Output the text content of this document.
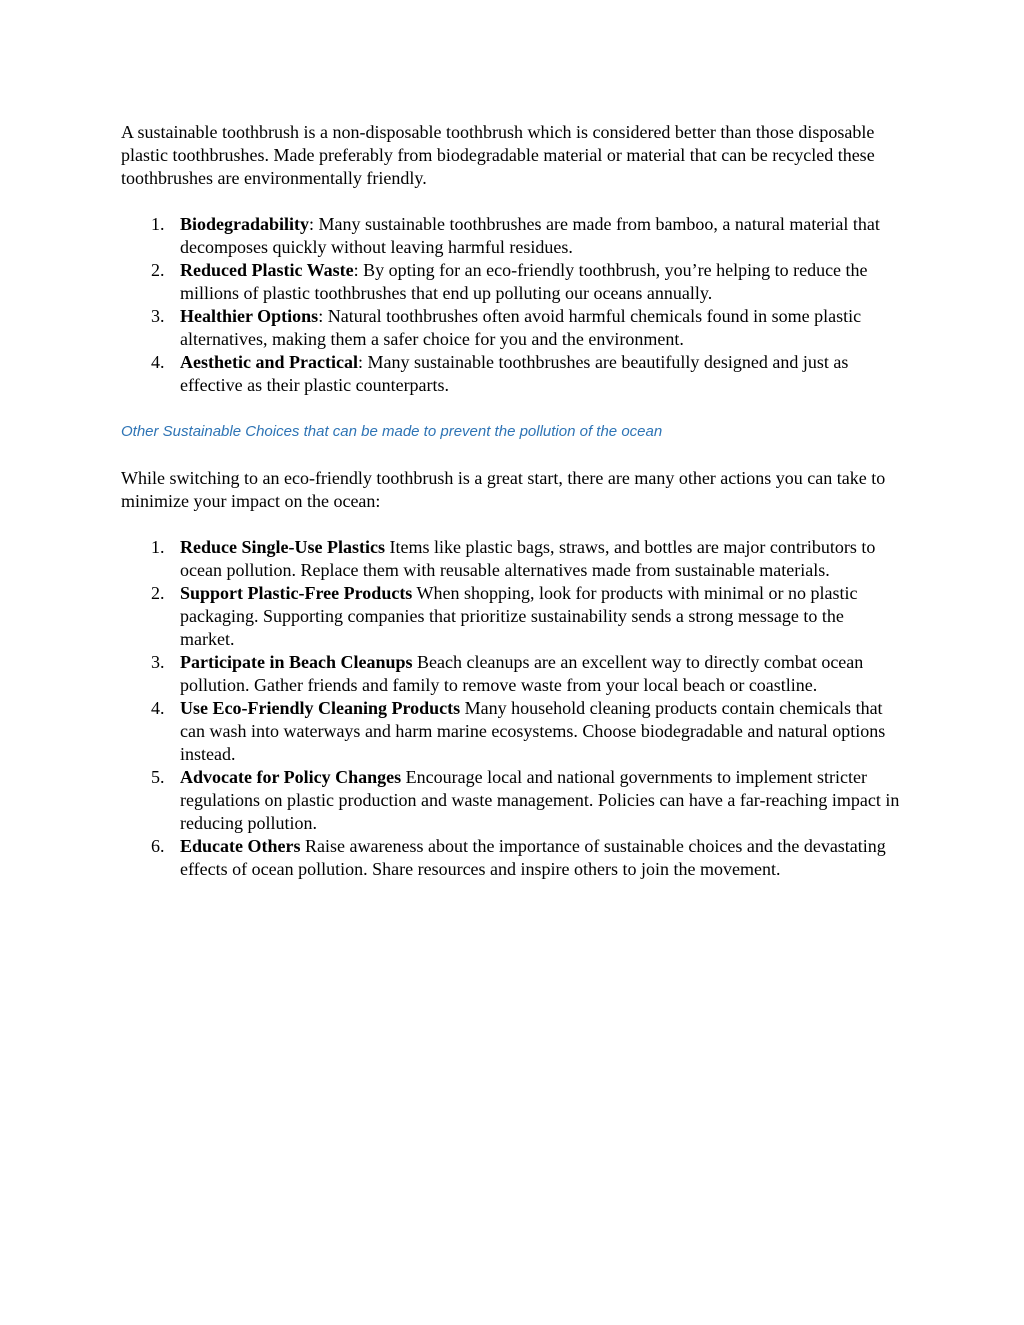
A sustainable toothbrush is a non-disposable toothbrush which is considered better than those disposable plastic toothbrushes. Made preferably from biodegradable material or material that can be recycled these toothbrushes are environmentally friendly.

1. Biodegradability: Many sustainable toothbrushes are made from bamboo, a natural material that decomposes quickly without leaving harmful residues.
2. Reduced Plastic Waste: By opting for an eco-friendly toothbrush, you’re helping to reduce the millions of plastic toothbrushes that end up polluting our oceans annually.
3. Healthier Options: Natural toothbrushes often avoid harmful chemicals found in some plastic alternatives, making them a safer choice for you and the environment.
4. Aesthetic and Practical: Many sustainable toothbrushes are beautifully designed and just as effective as their plastic counterparts.

Other Sustainable Choices that can be made to prevent the pollution of the ocean

While switching to an eco-friendly toothbrush is a great start, there are many other actions you can take to minimize your impact on the ocean:

1. Reduce Single-Use Plastics Items like plastic bags, straws, and bottles are major contributors to ocean pollution. Replace them with reusable alternatives made from sustainable materials.
2. Support Plastic-Free Products When shopping, look for products with minimal or no plastic packaging. Supporting companies that prioritize sustainability sends a strong message to the market.
3. Participate in Beach Cleanups Beach cleanups are an excellent way to directly combat ocean pollution. Gather friends and family to remove waste from your local beach or coastline.
4. Use Eco-Friendly Cleaning Products Many household cleaning products contain chemicals that can wash into waterways and harm marine ecosystems. Choose biodegradable and natural options instead.
5. Advocate for Policy Changes Encourage local and national governments to implement stricter regulations on plastic production and waste management. Policies can have a far-reaching impact in reducing pollution.
6. Educate Others Raise awareness about the importance of sustainable choices and the devastating effects of ocean pollution. Share resources and inspire others to join the movement.
